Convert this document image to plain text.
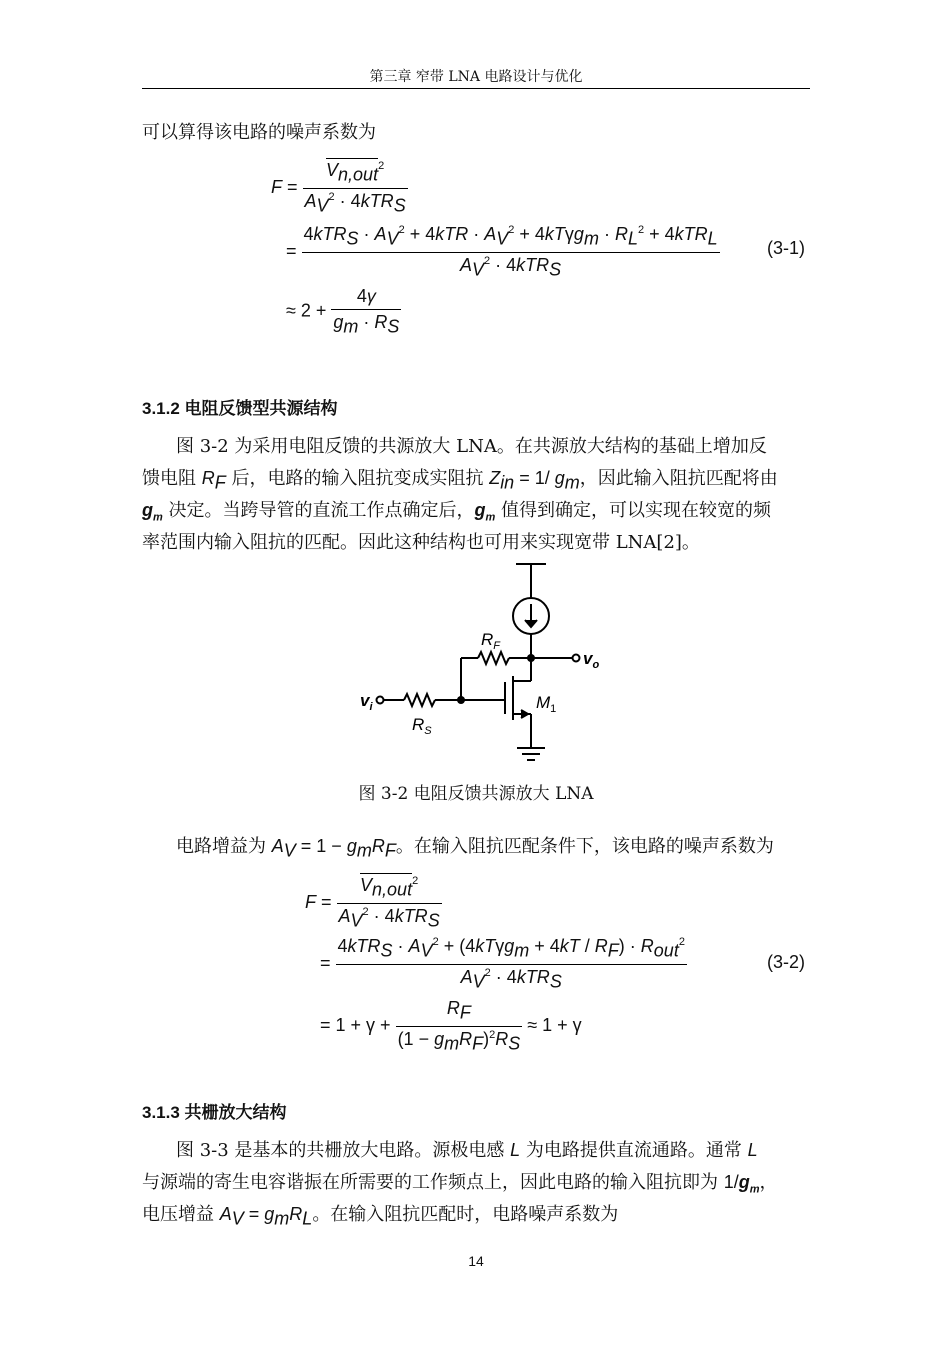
第三章 窄带 LNA 电路设计与优化
可以算得该电路的噪声系数为
$F = \frac{V_{n,out}^2}{A_V^2 \cdot 4kTR_S}$
= $\frac{4kTR_S \cdot A_V^2 + 4kTR \cdot A_V^2 + 4kT\gamma g_m \cdot R_L^2 + 4kTR_L}{A_V^2 \cdot 4kTR_S}$
≈ $2 + \frac{4\gamma}{g_m \cdot R_S}$
(3-1)
3.1.2 电阻反馈型共源结构
图 3-2 为采用电阻反馈的共源放大 LNA。在共源放大结构的基础上增加反
馈电阻 $R_F$ 后，电路的输入阻抗变成实阻抗 $Z_{in} = 1/$ $g_m$，因此输入阻抗匹配将由
$g_m$ 决定。当跨导管的直流工作点确定后，$g_m$ 值得到确定，可以实现在较宽的频
率范围内输入阻抗的匹配。因此这种结构也可用来实现宽带 LNA[2]。
$R_F$
$v_o$
$v_i$
$R_S$
$M_1$
图 3-2 电阻反馈共源放大 LNA
电路增益为 $A_V = 1 - g_mR_F$。在输入阻抗匹配条件下，该电路的噪声系数为
$F = \frac{V_{n,out}^2}{A_V^2 \cdot 4kTR_S}$
= $\frac{4kTR_S \cdot A_V^2 + (4kT\gamma g_m + 4kT / R_F) \cdot R_{out}^2}{A_V^2 \cdot 4kTR_S}$
= $1 + \gamma + \frac{R_F}{(1 - g_mR_F)^2R_S} \approx 1 + \gamma$
(3-2)
3.1.3 共栅放大结构
图 3-3 是基本的共栅放大电路。源极电感 L 为电路提供直流通路。通常 L
与源端的寄生电容谐振在所需要的工作频点上，因此电路的输入阻抗即为 $1/g_m$，
电压增益 $A_V = g_mR_L$。在输入阻抗匹配时，电路噪声系数为
14
